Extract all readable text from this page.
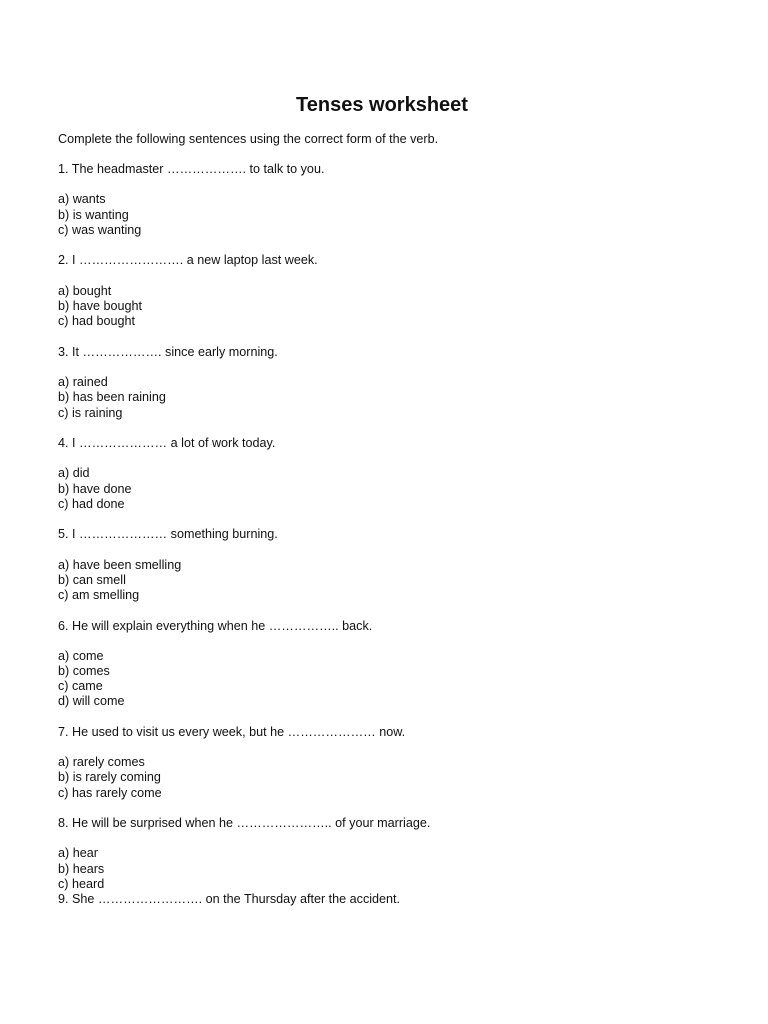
Tenses worksheet
Complete the following sentences using the correct form of the verb.
1. The headmaster ………………. to talk to you.
a) wants
b) is wanting
c) was wanting
2. I ……………………. a new laptop last week.
a) bought
b) have bought
c) had bought
3. It ………………. since early morning.
a) rained
b) has been raining
c) is raining
4. I ………………… a lot of work today.
a) did
b) have done
c) had done
5. I ………………… something burning.
a) have been smelling
b) can smell
c) am smelling
6. He will explain everything when he …………….. back.
a) come
b) comes
c) came
d) will come
7. He used to visit us every week, but he ………………… now.
a) rarely comes
b) is rarely coming
c) has rarely come
8. He will be surprised when he ………………….. of your marriage.
a) hear
b) hears
c) heard
9. She ……………………. on the Thursday after the accident.
